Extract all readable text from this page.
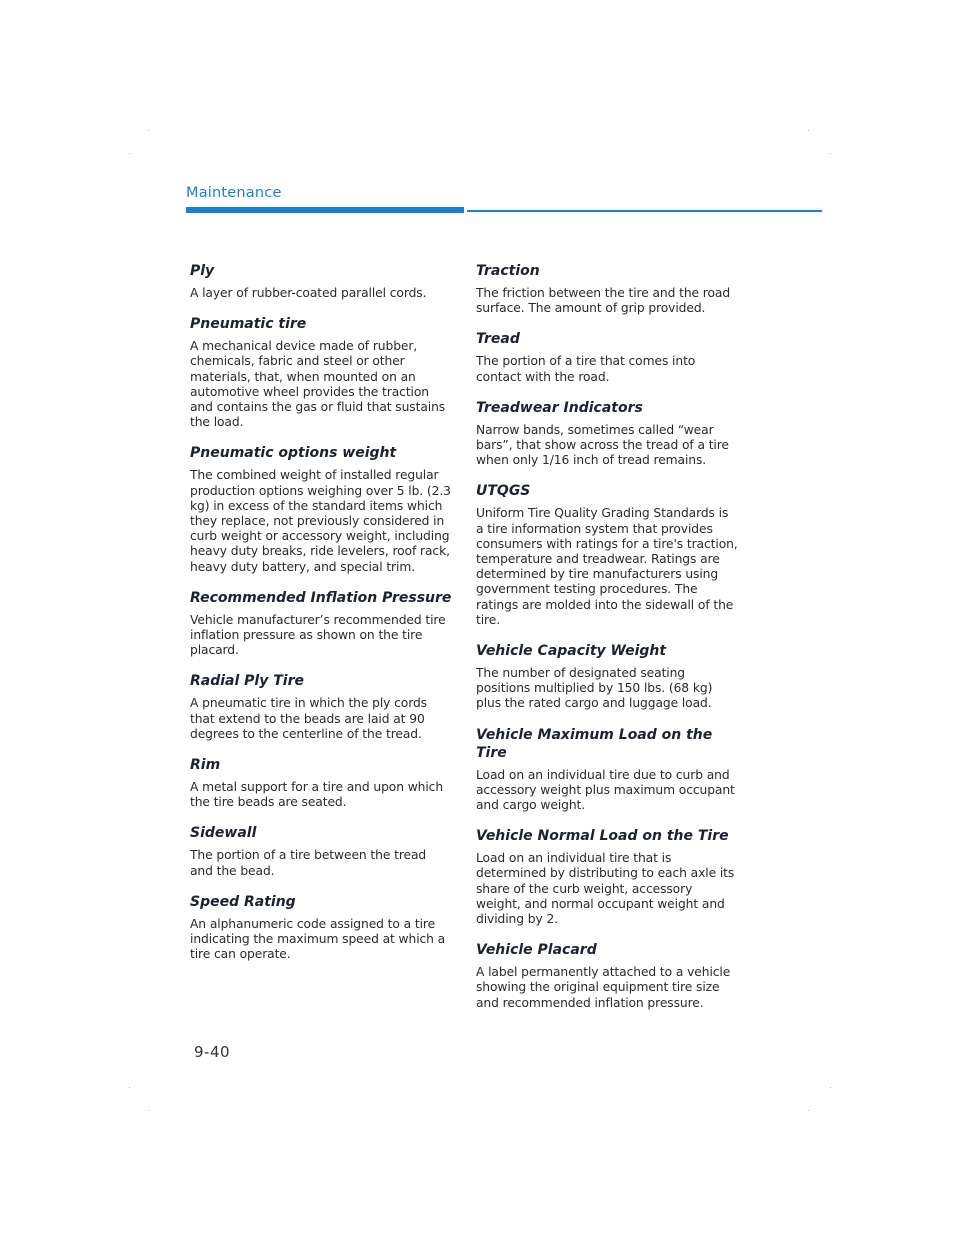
Maintenance
Ply

A layer of rubber-coated parallel cords.

Pneumatic tire

A mechanical device made of rubber, chemicals, fabric and steel or other materials, that, when mounted on an automotive wheel provides the traction and contains the gas or fluid that sustains the load.

Pneumatic options weight

The combined weight of installed regular production options weighing over 5 lb. (2.3 kg) in excess of the standard items which they replace, not previously considered in curb weight or accessory weight, including heavy duty breaks, ride levelers, roof rack, heavy duty battery, and special trim.

Recommended Inflation Pressure

Vehicle manufacturer’s recommended tire inflation pressure as shown on the tire placard.

Radial Ply Tire

A pneumatic tire in which the ply cords that extend to the beads are laid at 90 degrees to the centerline of the tread.

Rim

A metal support for a tire and upon which the tire beads are seated.

Sidewall

The portion of a tire between the tread and the bead.

Speed Rating

An alphanumeric code assigned to a tire indicating the maximum speed at which a tire can operate.

Traction

The friction between the tire and the road surface. The amount of grip provided.

Tread

The portion of a tire that comes into contact with the road.

Treadwear Indicators

Narrow bands, sometimes called “wear bars”, that show across the tread of a tire when only 1/16 inch of tread remains.

UTQGS

Uniform Tire Quality Grading Standards is a tire information system that provides consumers with ratings for a tire's traction, temperature and treadwear. Ratings are determined by tire manufacturers using government testing procedures. The ratings are molded into the sidewall of the tire.

Vehicle Capacity Weight

The number of designated seating positions multiplied by 150 lbs. (68 kg) plus the rated cargo and luggage load.

Vehicle Maximum Load on the Tire

Load on an individual tire due to curb and accessory weight plus maximum occupant and cargo weight.

Vehicle Normal Load on the Tire

Load on an individual tire that is determined by distributing to each axle its share of the curb weight, accessory weight, and normal occupant weight and dividing by 2.

Vehicle Placard

A label permanently attached to a vehicle showing the original equipment tire size and recommended inflation pressure.

9-40
